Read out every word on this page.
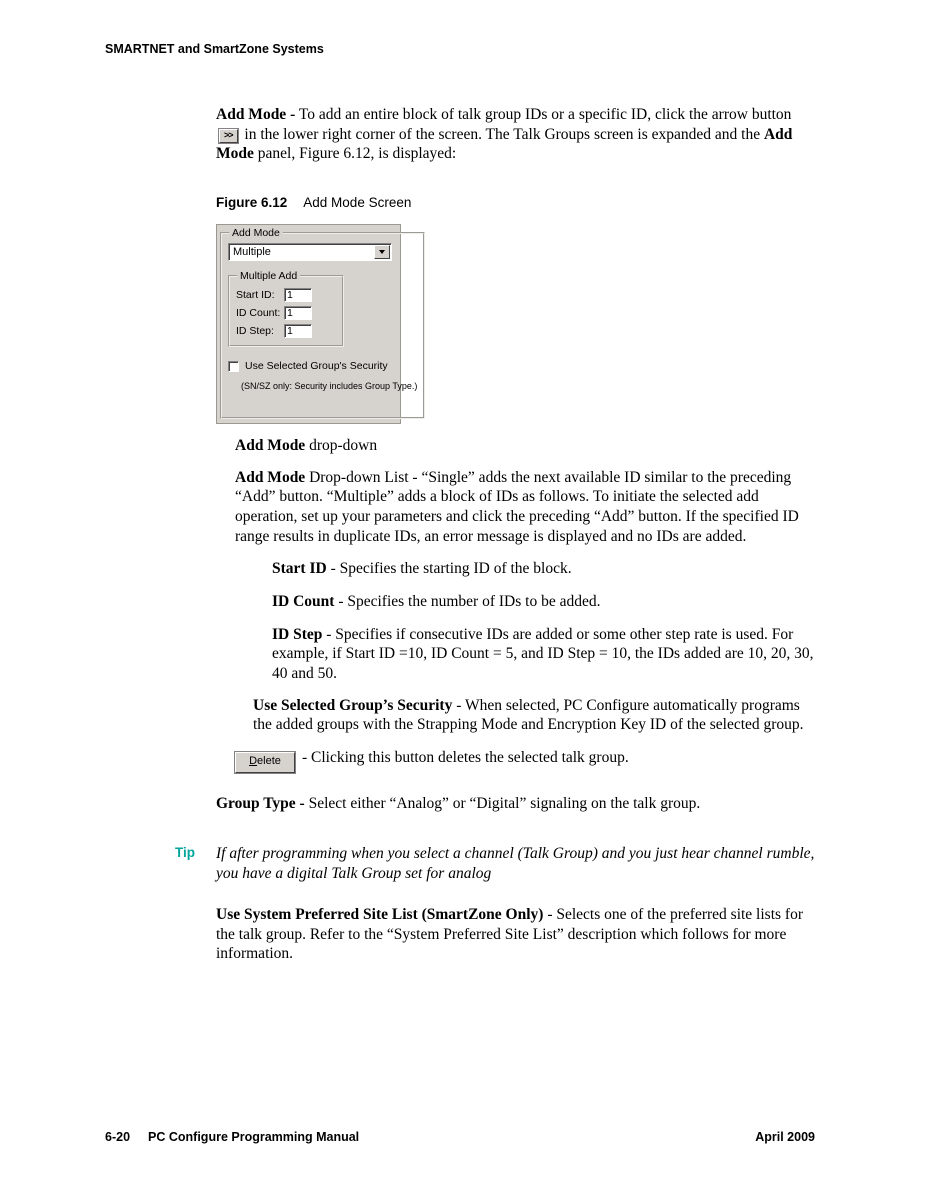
SMARTNET and SmartZone Systems

Add Mode - To add an entire block of talk group IDs or a specific ID, click the arrow button >> in the lower right corner of the screen. The Talk Groups screen is expanded and the Add Mode panel, Figure 6.12, is displayed:

Figure 6.12 Add Mode Screen

Add Mode
Multiple
Multiple Add
Start ID:
1
ID Count:
1
ID Step:
1
Use Selected Group's Security
(SN/SZ only: Security includes Group Type.)

Add Mode drop-down

Add Mode Drop-down List - “Single” adds the next available ID similar to the preceding “Add” button. “Multiple” adds a block of IDs as follows. To initiate the selected add operation, set up your parameters and click the preceding “Add” button. If the specified ID range results in duplicate IDs, an error message is displayed and no IDs are added.

Start ID - Specifies the starting ID of the block.

ID Count - Specifies the number of IDs to be added.

ID Step - Specifies if consecutive IDs are added or some other step rate is used. For example, if Start ID =10, ID Count = 5, and ID Step = 10, the IDs added are 10, 20, 30, 40 and 50.

Use Selected Group’s Security - When selected, PC Configure automatically programs the added groups with the Strapping Mode and Encryption Key ID of the selected group.

Delete - Clicking this button deletes the selected talk group.

Group Type - Select either “Analog” or “Digital” signaling on the talk group.

Tip If after programming when you select a channel (Talk Group) and you just hear channel rumble, you have a digital Talk Group set for analog

Use System Preferred Site List (SmartZone Only) - Selects one of the preferred site lists for the talk group. Refer to the “System Preferred Site List” description which follows for more information.

6-20 PC Configure Programming Manual	April 2009
